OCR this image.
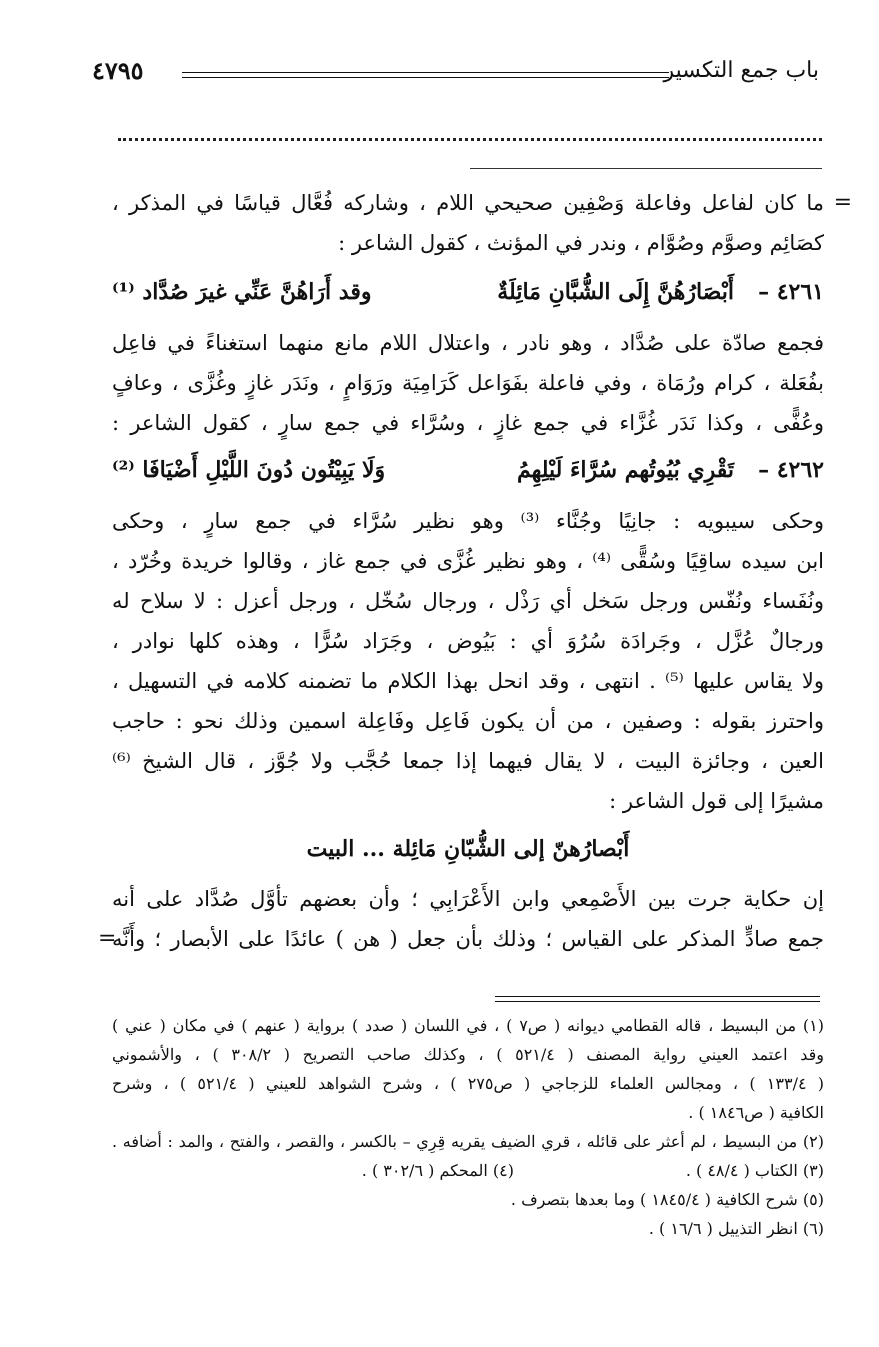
باب جمع التكسير
٤٧٩٥
=
ما كان لفاعل وفاعلة وَصْفِين صحيحي اللام ، وشاركه فُعَّال قياسًا في المذكر ،
كصَائِم وصوَّم وصُوَّام ، وندر في المؤنث ، كقول الشاعر :
٤٢٦١ –
أَبْصَارُهُنَّ إِلَى الشُّبَّانِ مَائِلَةٌ
وقد أَرَاهُنَّ عَنِّي غيرَ صُدَّاد ⁽¹⁾
فجمع صادّة على صُدَّاد ، وهو نادر ، واعتلال اللام مانع منهما استغناءً في فاعِل
بفُعَلة ، كرام ورُمَاة ، وفي فاعلة بفَوَاعل كَرَامِيَة ورَوَامٍ ، ونَدَر غازٍ وغُزَّى ، وعافٍ
وعُفًّى ، وكذا نَدَر غُزَّاء في جمع غازٍ ، وسُرَّاء في جمع سارٍ ، كقول الشاعر :
٤٢٦٢ –
تَقْرِي بُيُوتُهم سُرَّاءَ لَيْلِهِمُ
وَلَا يَبِيْتُون دُونَ اللَّيْلِ أَضْيَافَا ⁽²⁾
وحكى سيبويه : جانِيًا وجُنَّاء ⁽³⁾ وهو نظير سُرَّاء في جمع سارٍ ، وحكى
ابن سيده ساقِيًا وسُقًّى ⁽⁴⁾ ، وهو نظير غُزَّى في جمع غاز ، وقالوا خريدة وخُرّد ،
ونُفَساء ونُفّس ورجل سَخل أي رَذْل ، ورجال سُخّل ، ورجل أعزل : لا سلاح له
ورجالٌ عُزَّل ، وجَرادَة سُرُوَ أي : بَيُوض ، وجَرَاد سُرًّا ، وهذه كلها نوادر ،
ولا يقاس عليها ⁽⁵⁾ . انتهى ، وقد انحل بهذا الكلام ما تضمنه كلامه في التسهيل ،
واحترز بقوله : وصفين ، من أن يكون فَاعِل وفَاعِلة اسمين وذلك نحو : حاجب
العين ، وجائزة البيت ، لا يقال فيهما إذا جمعا حُجَّب ولا جُوَّز ، قال الشيخ ⁽⁶⁾
مشيرًا إلى قول الشاعر :
أَبْصارُهنّ إلى الشُّبّانِ مَائِلة ... البيت
إن حكاية جرت بين الأَصْمِعي وابن الأَعْرَابِي ؛ وأن بعضهم تأوَّل صُدَّاد على أنه
جمع صادٍّ المذكر على القياس ؛ وذلك بأن جعل ( هن ) عائدًا على الأبصار ؛ وأَنَّه
=
(١) من البسيط ، قاله القطامي ديوانه ( ص٧ ) ، في اللسان ( صدد ) برواية ( عنهم ) في مكان ( عني )
وقد اعتمد العيني رواية المصنف ( ٥٢١/٤ ) ، وكذلك صاحب التصريح ( ٣٠٨/٢ ) ، والأشموني
( ١٣٣/٤ ) ، ومجالس العلماء للزجاجي ( ص٢٧٥ ) ، وشرح الشواهد للعيني ( ٥٢١/٤ ) ، وشرح
الكافية ( ص١٨٤٦ ) .
(٢) من البسيط ، لم أعثر على قائله ، قري الضيف يقريه قِرِي – بالكسر ، والقصر ، والفتح ، والمد : أضافه .
(٣) الكتاب ( ٤٨/٤ ) .
(٤) المحكم ( ٣٠٢/٦ ) .
(٥) شرح الكافية ( ١٨٤٥/٤ ) وما بعدها بتصرف .
(٦) انظر التذييل ( ١٦/٦ ) .
